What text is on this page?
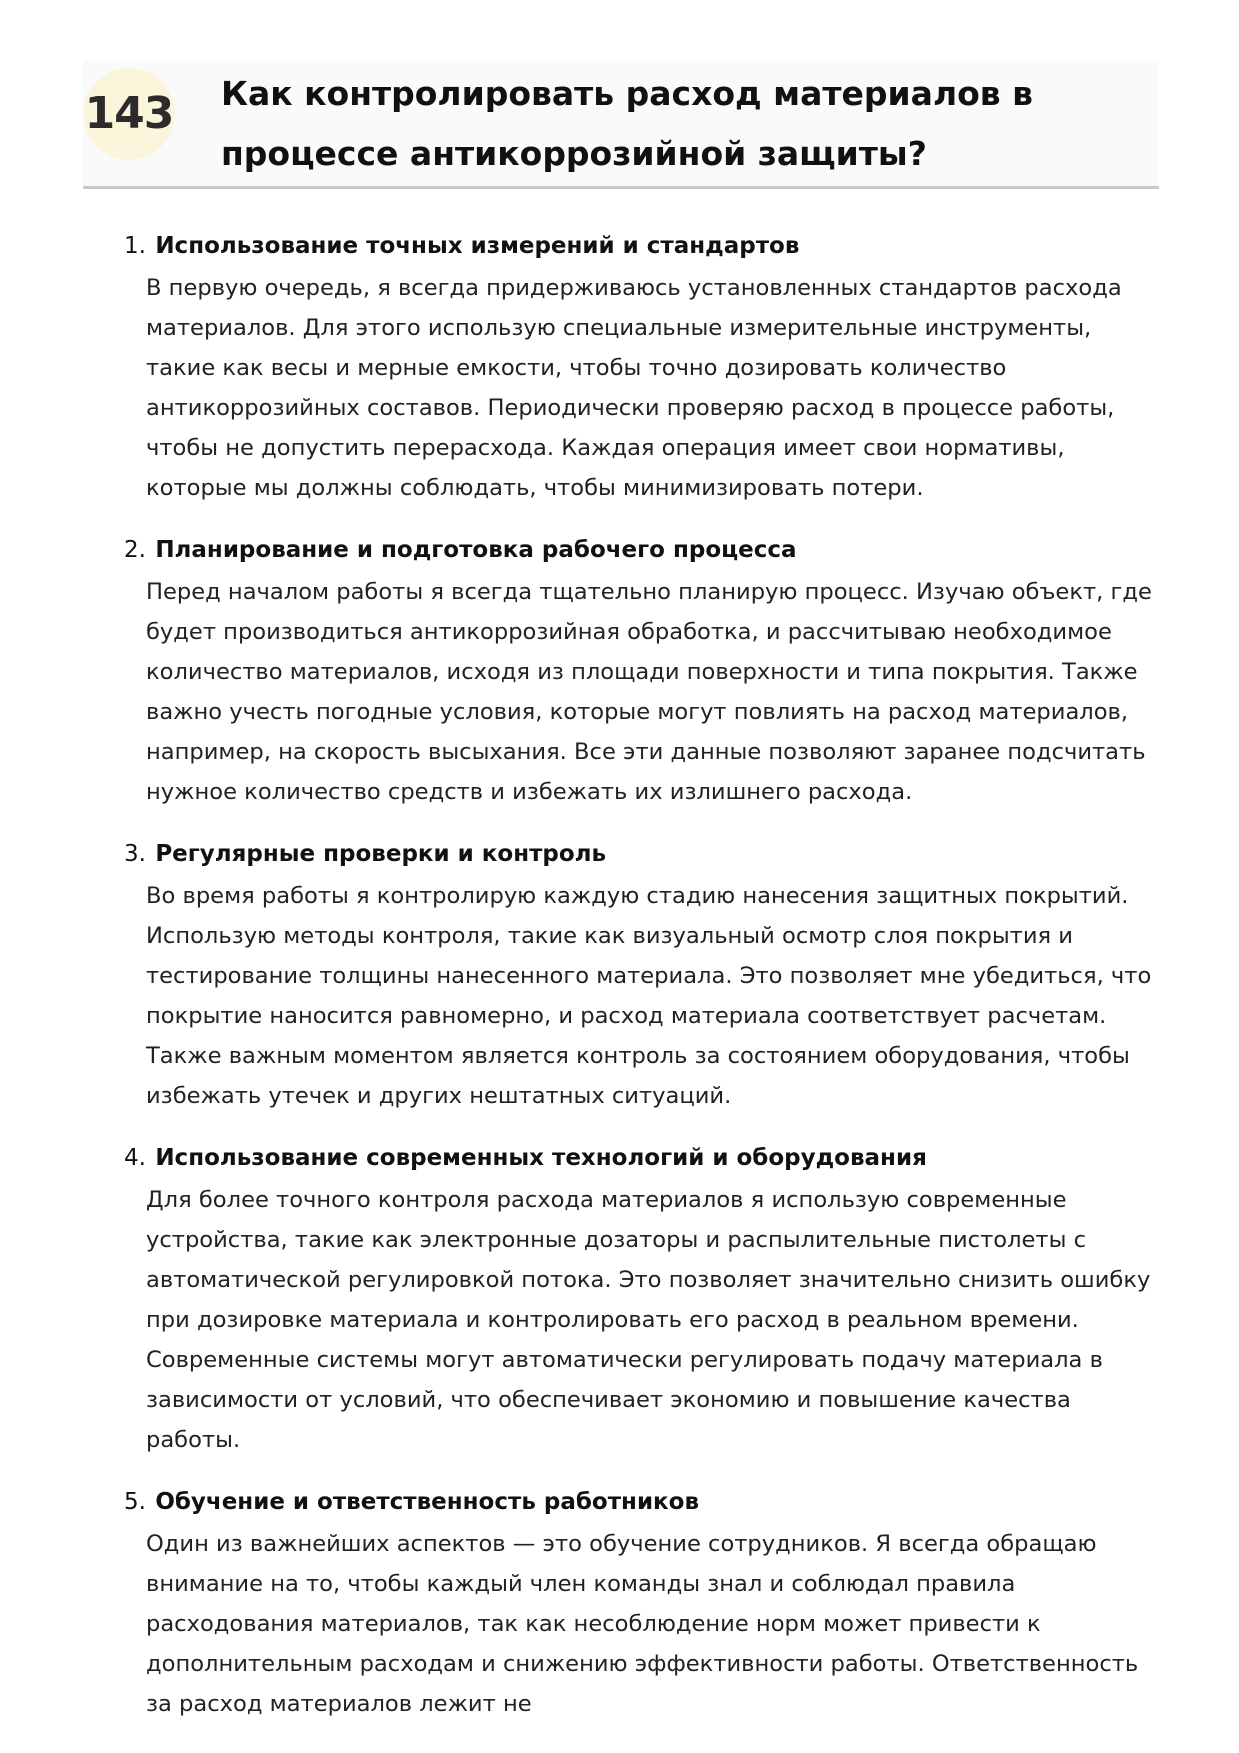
143 Как контролировать расход материалов в процессе антикоррозийной защиты?
1. Использование точных измерений и стандартов
В первую очередь, я всегда придерживаюсь установленных стандартов расхода материалов. Для этого использую специальные измерительные инструменты, такие как весы и мерные емкости, чтобы точно дозировать количество антикоррозийных составов. Периодически проверяю расход в процессе работы, чтобы не допустить перерасхода. Каждая операция имеет свои нормативы, которые мы должны соблюдать, чтобы минимизировать потери.
2. Планирование и подготовка рабочего процесса
Перед началом работы я всегда тщательно планирую процесс. Изучаю объект, где будет производиться антикоррозийная обработка, и рассчитываю необходимое количество материалов, исходя из площади поверхности и типа покрытия. Также важно учесть погодные условия, которые могут повлиять на расход материалов, например, на скорость высыхания. Все эти данные позволяют заранее подсчитать нужное количество средств и избежать их излишнего расхода.
3. Регулярные проверки и контроль
Во время работы я контролирую каждую стадию нанесения защитных покрытий. Использую методы контроля, такие как визуальный осмотр слоя покрытия и тестирование толщины нанесенного материала. Это позволяет мне убедиться, что покрытие наносится равномерно, и расход материала соответствует расчетам. Также важным моментом является контроль за состоянием оборудования, чтобы избежать утечек и других нештатных ситуаций.
4. Использование современных технологий и оборудования
Для более точного контроля расхода материалов я использую современные устройства, такие как электронные дозаторы и распылительные пистолеты с автоматической регулировкой потока. Это позволяет значительно снизить ошибку при дозировке материала и контролировать его расход в реальном времени. Современные системы могут автоматически регулировать подачу материала в зависимости от условий, что обеспечивает экономию и повышение качества работы.
5. Обучение и ответственность работников
Один из важнейших аспектов — это обучение сотрудников. Я всегда обращаю внимание на то, чтобы каждый член команды знал и соблюдал правила расходования материалов, так как несоблюдение норм может привести к дополнительным расходам и снижению эффективности работы. Ответственность за расход материалов лежит не
